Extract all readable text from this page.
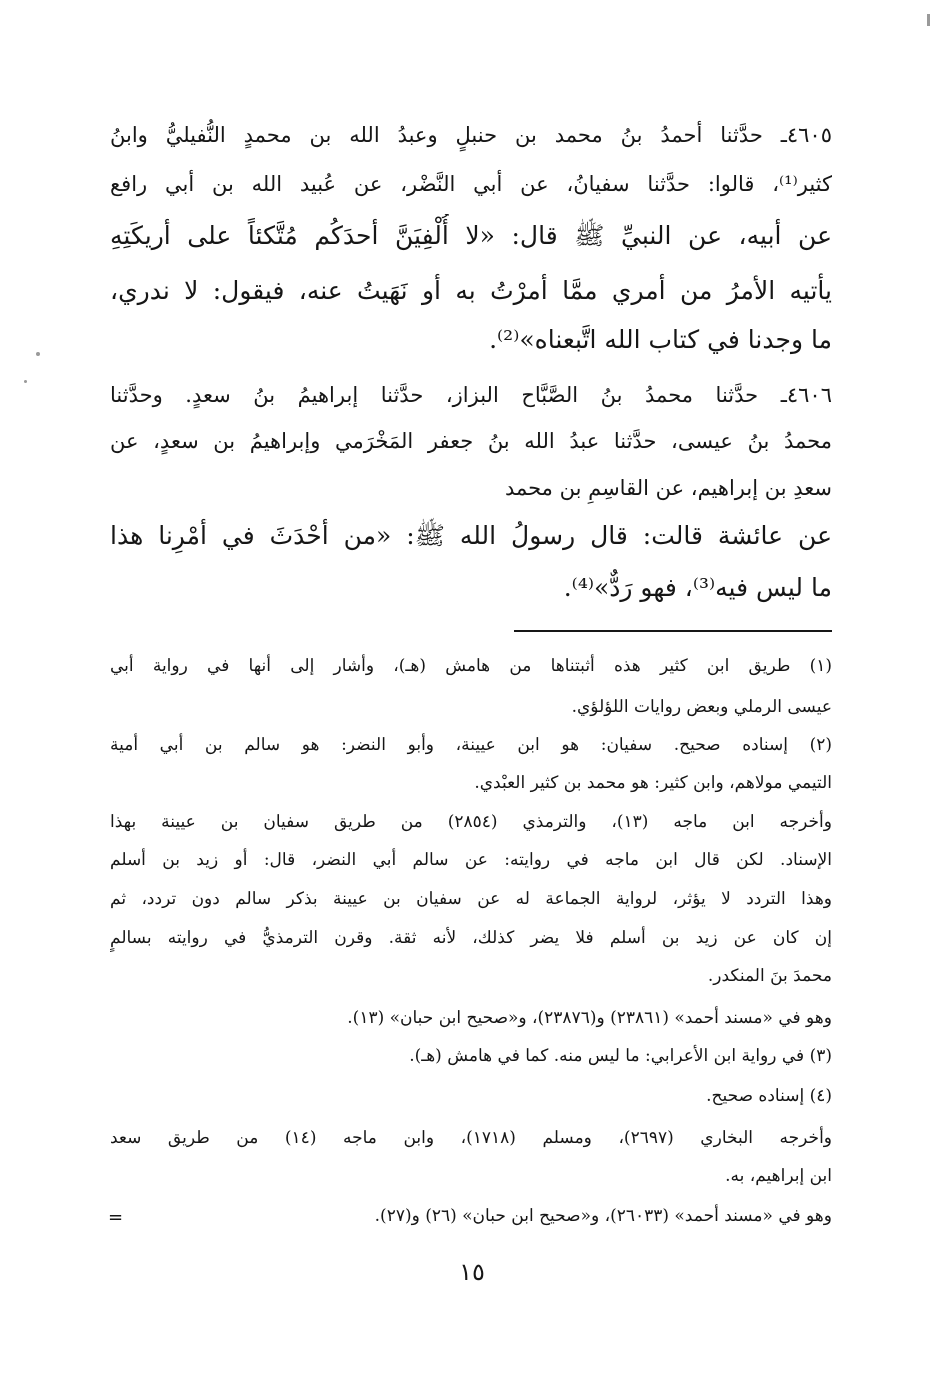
٤٦٠٥ـ حدَّثنا أحمدُ بنُ محمد بن حنبلٍ وعبدُ الله بن محمدٍ النُّفيليُّ وابنُ
كثير⁽¹⁾، قالوا: حدَّثنا سفيانُ، عن أبي النَّضْر، عن عُبيد الله بن أبي رافع
عن أبيه، عن النبيِّ ﷺ قال: «لا أُلْفِيَنَّ أحدَكُم مُتَّكئاً على أريكَتِهِ
يأتيه الأمرُ من أمري ممَّا أمرْتُ به أو نَهَيتُ عنه، فيقول: لا ندري،
ما وجدنا في كتاب الله اتَّبعناه»⁽²⁾.
٤٦٠٦ـ حدَّثنا محمدُ بنُ الصَّبَّاح البزاز، حدَّثنا إبراهيمُ بنُ سعدٍ. وحدَّثنا
محمدُ بنُ عيسى، حدَّثنا عبدُ الله بنُ جعفر المَخْرَمي وإبراهيمُ بن سعدٍ، عن
سعدِ بن إبراهيم، عن القاسِمِ بن محمد
عن عائشة قالت: قال رسولُ الله ﷺ: «من أحْدَثَ في أمْرِنا هذا
ما ليس فيه⁽³⁾، فهو رَدٌّ»⁽⁴⁾.
(١) طريق ابن كثير هذه أثبتناها من هامش (هـ)، وأشار إلى أنها في رواية أبي
عيسى الرملي وبعض روايات اللؤلؤي.
(٢) إسناده صحيح. سفيان: هو ابن عيينة، وأبو النضر: هو سالم بن أبي أمية
التيمي مولاهم، وابن كثير: هو محمد بن كثير العبْدي.
وأخرجه ابن ماجه (١٣)، والترمذي (٢٨٥٤) من طريق سفيان بن عيينة بهذا
الإسناد. لكن قال ابن ماجه في روايته: عن سالم أبي النضر، قال: أو زيد بن أسلم
وهذا التردد لا يؤثر، لرواية الجماعة له عن سفيان بن عيينة بذكر سالم دون تردد، ثم
إن كان عن زيد بن أسلم فلا يضر كذلك، لأنه ثقة. وقرن الترمذيُّ في روايته بسالمٍ
محمدَ بنَ المنكدر.
وهو في «مسند أحمد» (٢٣٨٦١) و(٢٣٨٧٦)، و«صحيح ابن حبان» (١٣).
(٣) في رواية ابن الأعرابي: ما ليس منه. كما في هامش (هـ).
(٤) إسناده صحيح.
وأخرجه البخاري (٢٦٩٧)، ومسلم (١٧١٨)، وابن ماجه (١٤) من طريق سعد
ابن إبراهيم، به.
وهو في «مسند أحمد» (٢٦٠٣٣)، و«صحيح ابن حبان» (٢٦) و(٢٧).
=
١٥
